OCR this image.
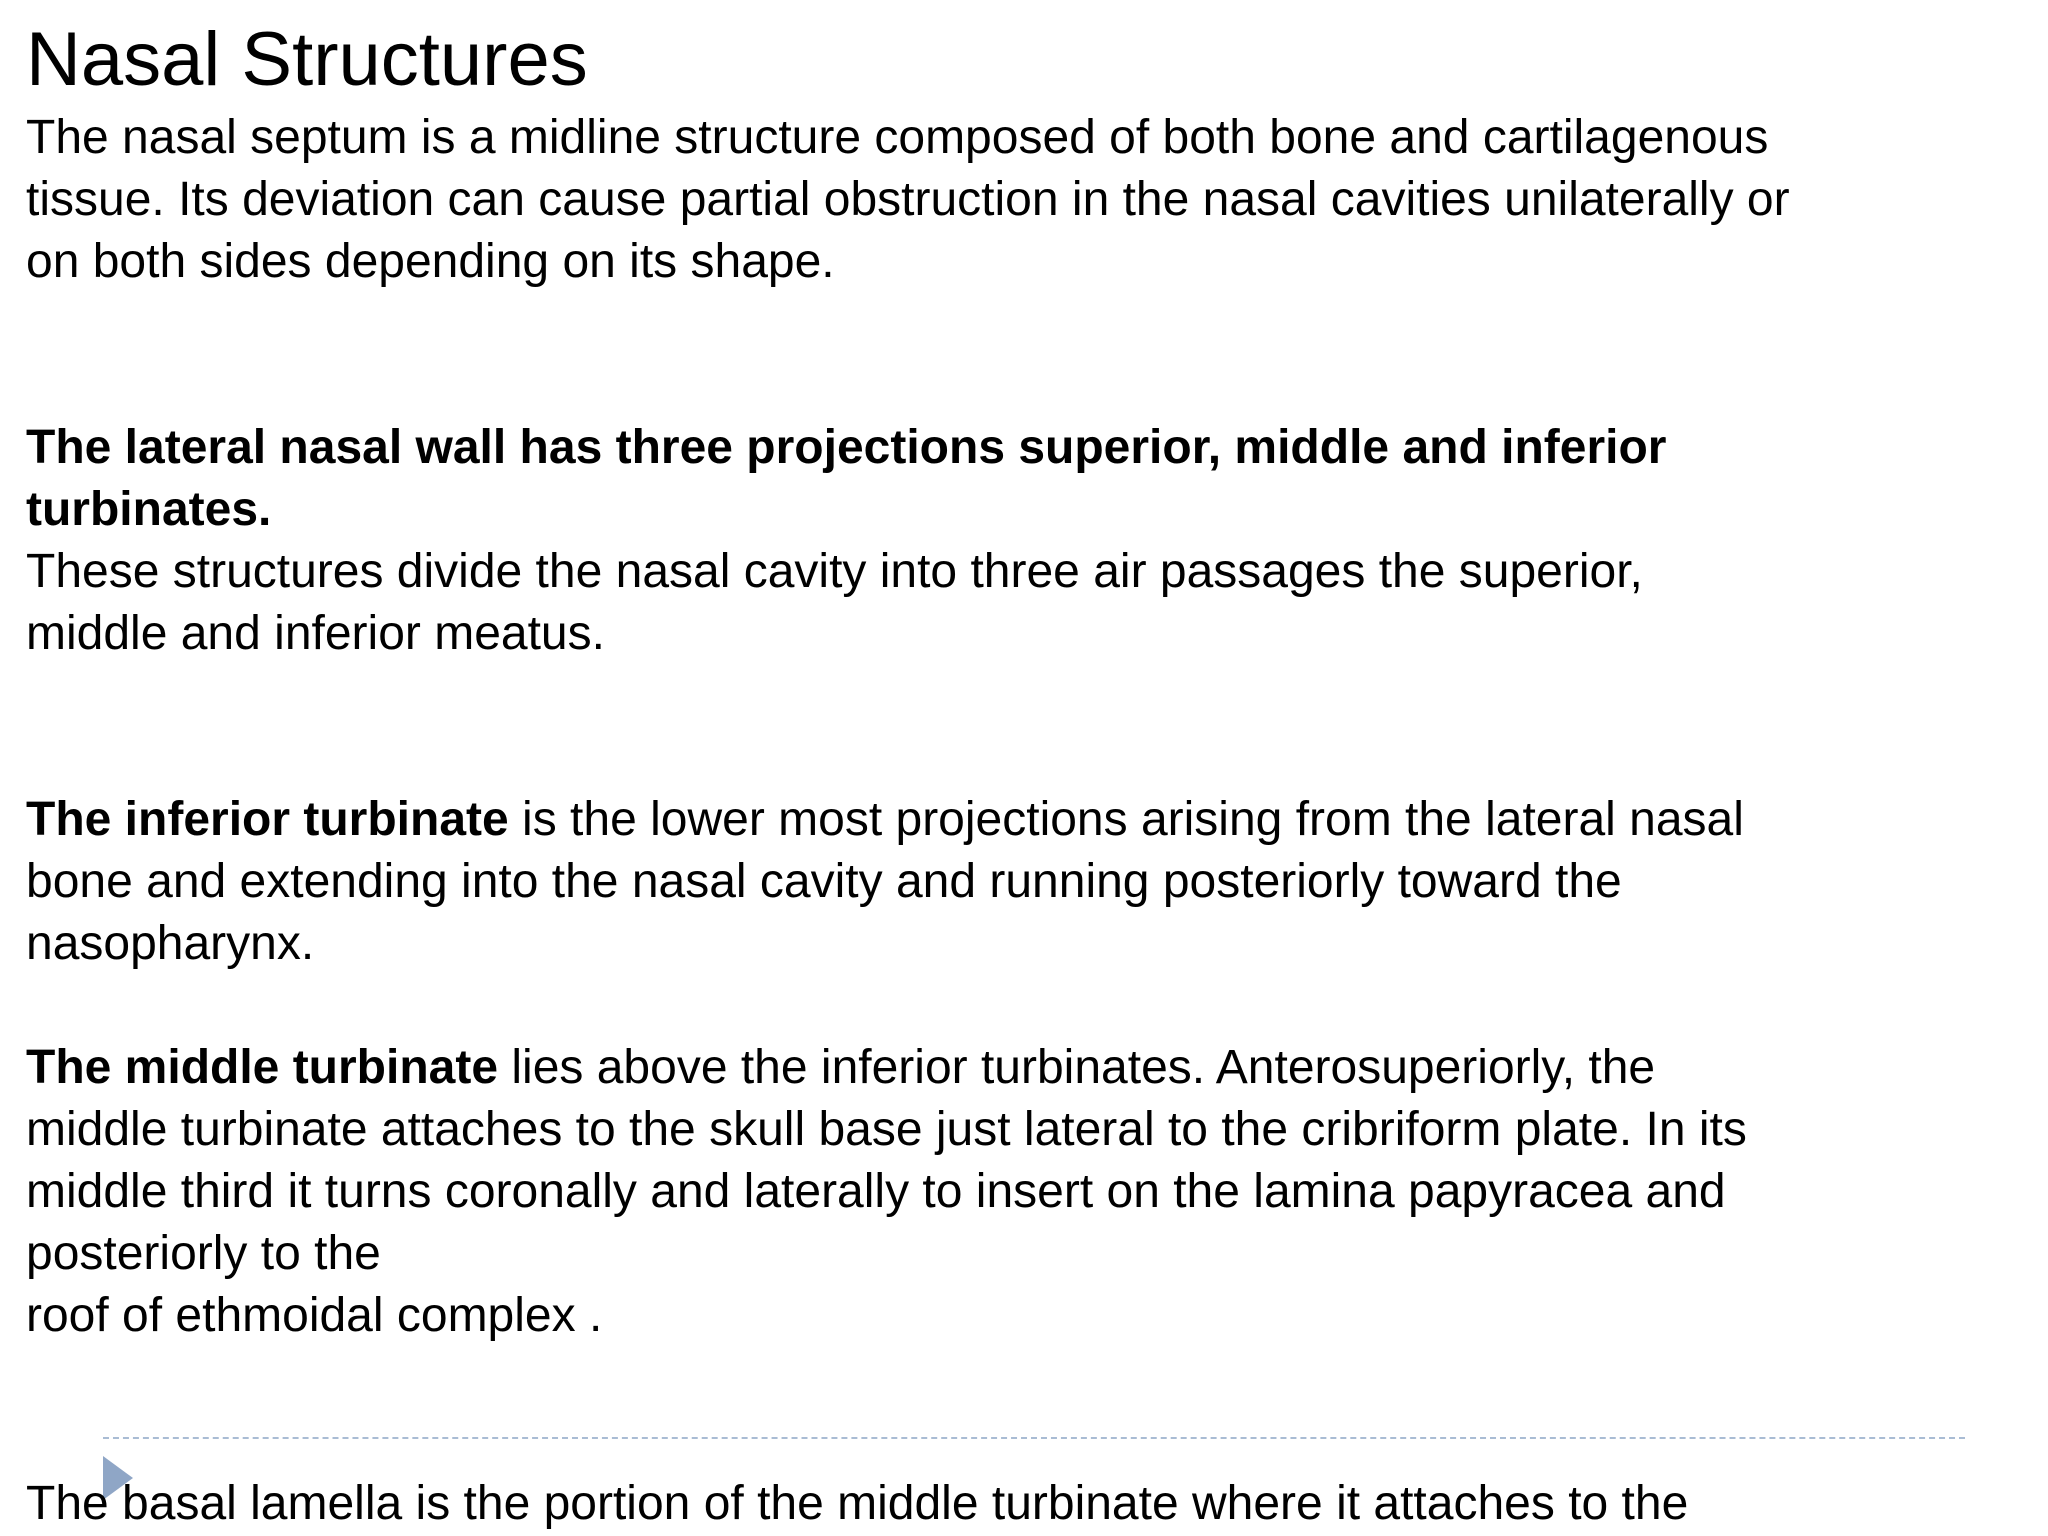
Nasal Structures

The nasal septum is a midline structure composed of both bone and cartilagenous
tissue. Its deviation can cause partial obstruction in the nasal cavities unilaterally or
on both sides depending on its shape.

The lateral nasal wall has three projections superior, middle and inferior
turbinates.
These structures divide the nasal cavity into three air passages the superior,
middle and inferior meatus.

The inferior turbinate is the lower most projections arising from the lateral nasal
bone and extending into the nasal cavity and running posteriorly toward the
nasopharynx.

The middle turbinate lies above the inferior turbinates. Anterosuperiorly, the
middle turbinate attaches to the skull base just lateral to the cribriform plate. In its
middle third it turns coronally and laterally to insert on the lamina papyracea and
posteriorly to the
roof of ethmoidal complex .

The basal lamella is the portion of the middle turbinate where it attaches to the
